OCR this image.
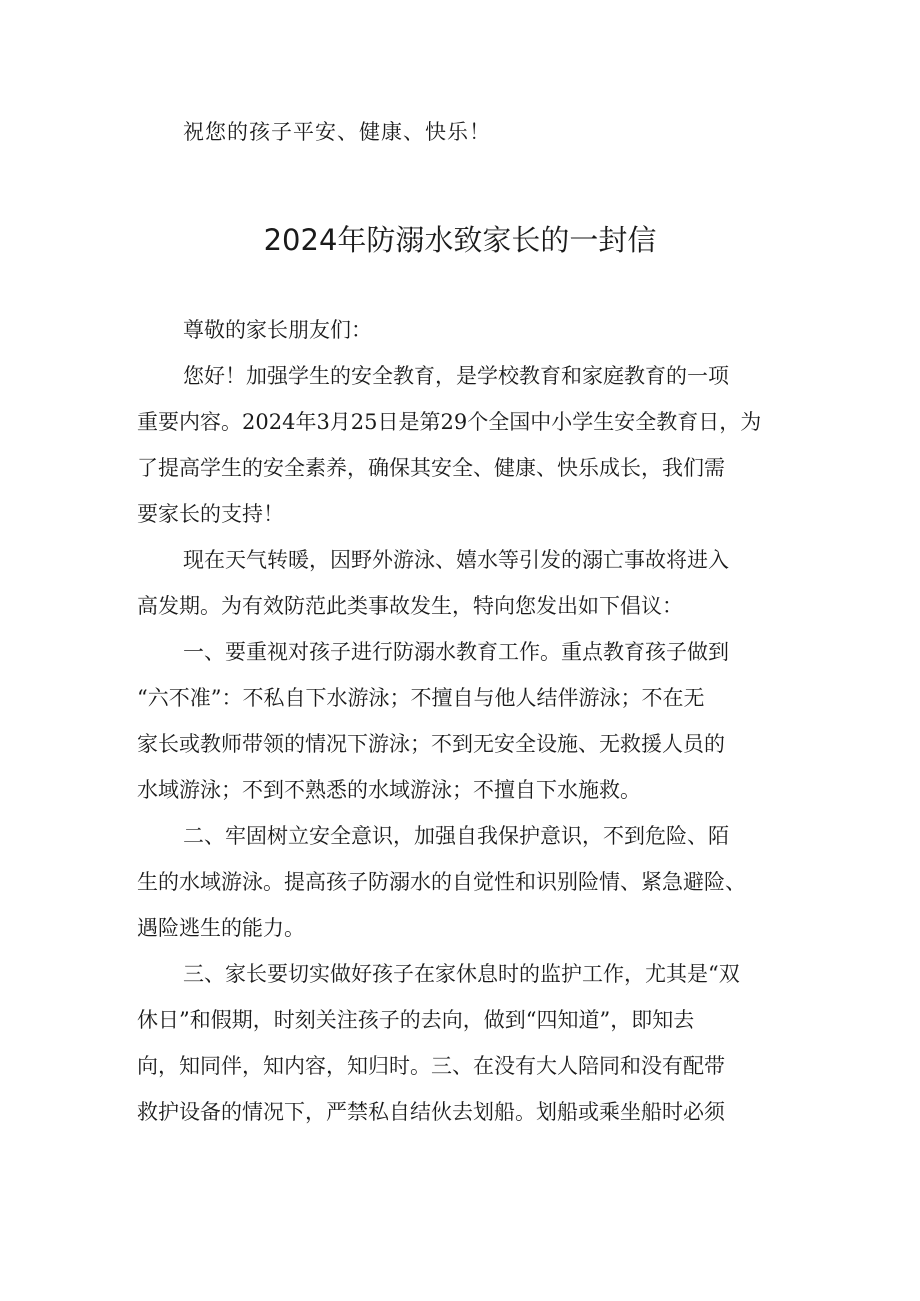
祝您的孩子平安、健康、快乐！
2024年防溺水致家长的一封信
尊敬的家长朋友们：
您好！加强学生的安全教育，是学校教育和家庭教育的一项
重要内容。2024年3月25日是第29个全国中小学生安全教育日，为
了提高学生的安全素养，确保其安全、健康、快乐成长，我们需
要家长的支持！
现在天气转暖，因野外游泳、嬉水等引发的溺亡事故将进入
高发期。为有效防范此类事故发生，特向您发出如下倡议：
一、要重视对孩子进行防溺水教育工作。重点教育孩子做到
“六不准”：不私自下水游泳；不擅自与他人结伴游泳；不在无
家长或教师带领的情况下游泳；不到无安全设施、无救援人员的
水域游泳；不到不熟悉的水域游泳；不擅自下水施救。
二、牢固树立安全意识，加强自我保护意识，不到危险、陌
生的水域游泳。提高孩子防溺水的自觉性和识别险情、紧急避险、
遇险逃生的能力。
三、家长要切实做好孩子在家休息时的监护工作，尤其是“双
休日”和假期，时刻关注孩子的去向，做到“四知道”，即知去
向，知同伴，知内容，知归时。三、在没有大人陪同和没有配带
救护设备的情况下，严禁私自结伙去划船。划船或乘坐船时必须
